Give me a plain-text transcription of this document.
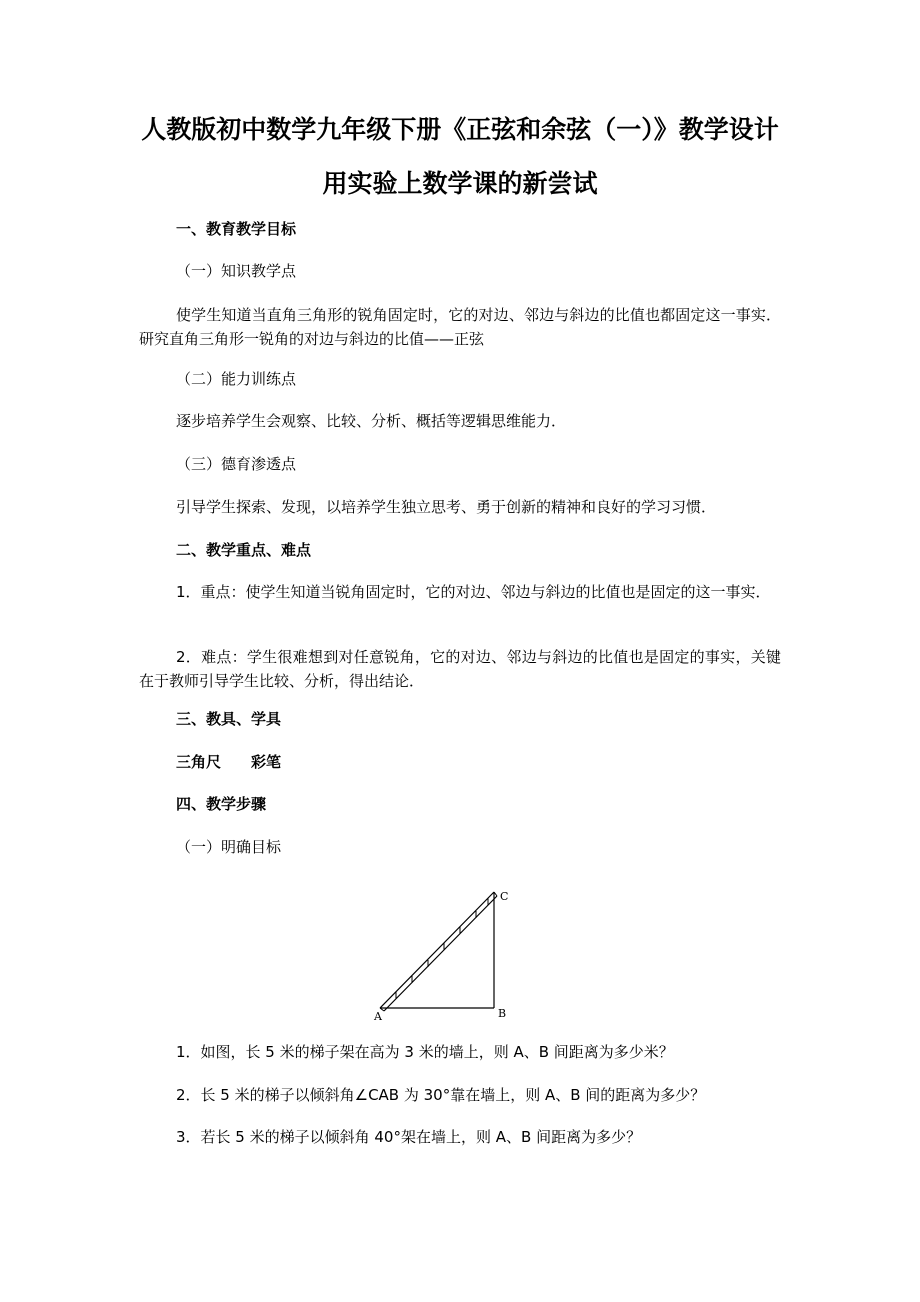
人教版初中数学九年级下册《正弦和余弦（一）》教学设计
用实验上数学课的新尝试
一、教育教学目标
（一）知识教学点
使学生知道当直角三角形的锐角固定时，它的对边、邻边与斜边的比值也都固定这一事实．研究直角三角形一锐角的对边与斜边的比值——正弦
（二）能力训练点
逐步培养学生会观察、比较、分析、概括等逻辑思维能力．
（三）德育渗透点
引导学生探索、发现，以培养学生独立思考、勇于创新的精神和良好的学习习惯．
二、教学重点、难点
1．重点：使学生知道当锐角固定时，它的对边、邻边与斜边的比值也是固定的这一事实．
2．难点：学生很难想到对任意锐角，它的对边、邻边与斜边的比值也是固定的事实，关键在于教师引导学生比较、分析，得出结论．
三、教具、学具
三角尺　　彩笔
四、教学步骤
（一）明确目标
A	B
C
1．如图，长 5 米的梯子架在高为 3 米的墙上，则 A、B 间距离为多少米？
2．长 5 米的梯子以倾斜角∠CAB 为 30°靠在墙上，则 A、B 间的距离为多少？
3．若长 5 米的梯子以倾斜角 40°架在墙上，则 A、B 间距离为多少？
